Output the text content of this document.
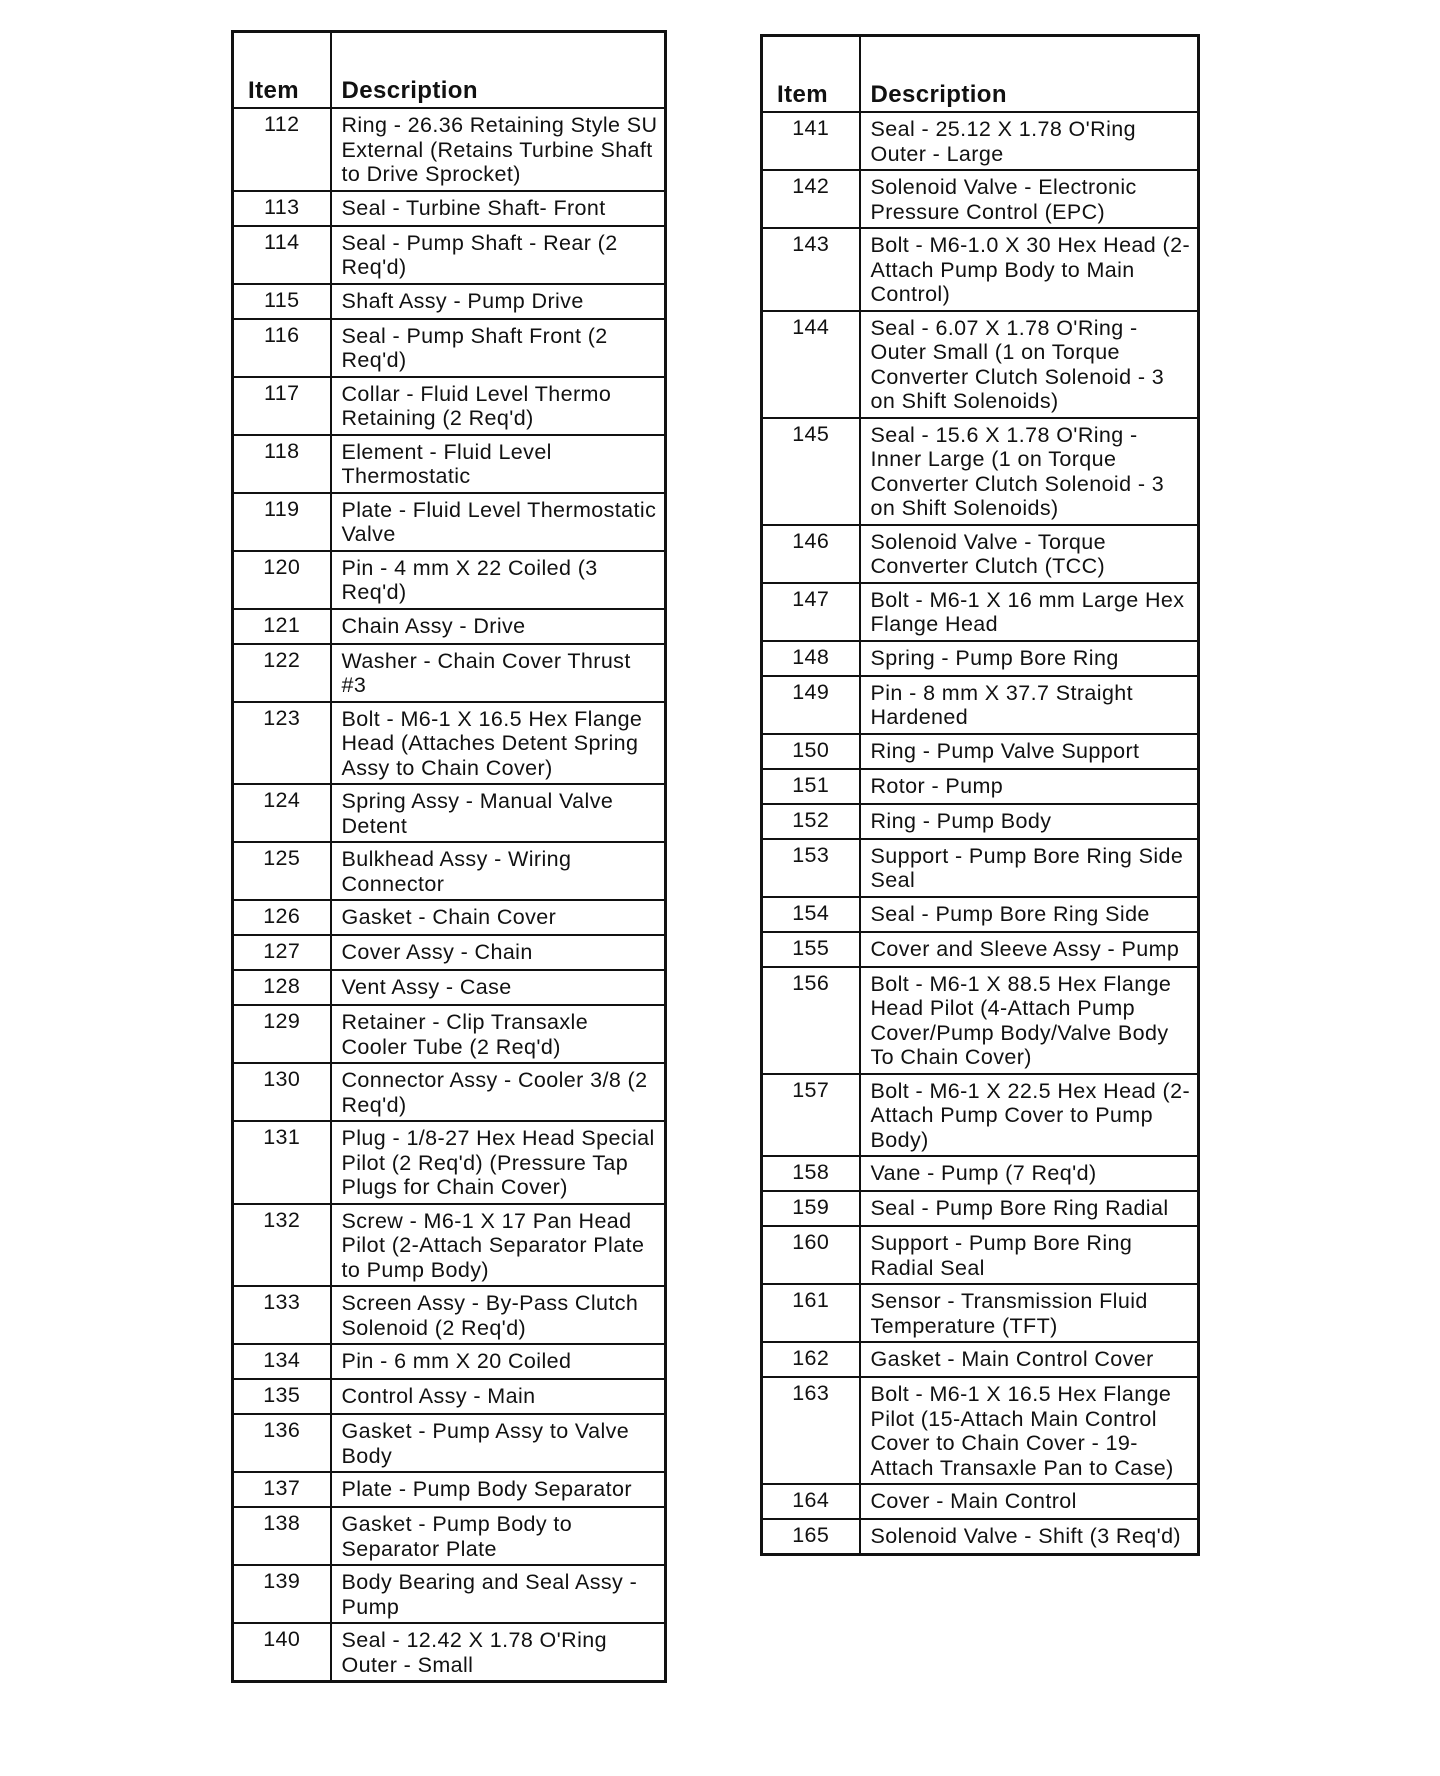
Item	Description
112	Ring - 26.36 Retaining Style SU External (Retains Turbine Shaft to Drive Sprocket)
113	Seal - Turbine Shaft- Front
114	Seal - Pump Shaft - Rear (2 Req'd)
115	Shaft Assy - Pump Drive
116	Seal - Pump Shaft Front (2 Req'd)
117	Collar - Fluid Level Thermo Retaining (2 Req'd)
118	Element - Fluid Level Thermostatic
119	Plate - Fluid Level Thermostatic Valve
120	Pin - 4 mm X 22 Coiled (3 Req'd)
121	Chain Assy - Drive
122	Washer - Chain Cover Thrust #3
123	Bolt - M6-1 X 16.5 Hex Flange Head (Attaches Detent Spring Assy to Chain Cover)
124	Spring Assy - Manual Valve Detent
125	Bulkhead Assy - Wiring Connector
126	Gasket - Chain Cover
127	Cover Assy - Chain
128	Vent Assy - Case
129	Retainer - Clip Transaxle Cooler Tube (2 Req'd)
130	Connector Assy - Cooler 3/8 (2 Req'd)
131	Plug - 1/8-27 Hex Head Special Pilot (2 Req'd) (Pressure Tap Plugs for Chain Cover)
132	Screw - M6-1 X 17 Pan Head Pilot (2-Attach Separator Plate to Pump Body)
133	Screen Assy - By-Pass Clutch Solenoid (2 Req'd)
134	Pin - 6 mm X 20 Coiled
135	Control Assy - Main
136	Gasket - Pump Assy to Valve Body
137	Plate - Pump Body Separator
138	Gasket - Pump Body to Separator Plate
139	Body Bearing and Seal Assy - Pump
140	Seal - 12.42 X 1.78 O'Ring Outer - Small
Item	Description
141	Seal - 25.12 X 1.78 O'Ring Outer - Large
142	Solenoid Valve - Electronic Pressure Control (EPC)
143	Bolt - M6-1.0 X 30 Hex Head (2-Attach Pump Body to Main Control)
144	Seal - 6.07 X 1.78 O'Ring - Outer Small (1 on Torque Converter Clutch Solenoid - 3 on Shift Solenoids)
145	Seal - 15.6 X 1.78 O'Ring - Inner Large (1 on Torque Converter Clutch Solenoid - 3 on Shift Solenoids)
146	Solenoid Valve - Torque Converter Clutch (TCC)
147	Bolt - M6-1 X 16 mm Large Hex Flange Head
148	Spring - Pump Bore Ring
149	Pin - 8 mm X 37.7 Straight Hardened
150	Ring - Pump Valve Support
151	Rotor - Pump
152	Ring - Pump Body
153	Support - Pump Bore Ring Side Seal
154	Seal - Pump Bore Ring Side
155	Cover and Sleeve Assy - Pump
156	Bolt - M6-1 X 88.5 Hex Flange Head Pilot (4-Attach Pump Cover/Pump Body/Valve Body To Chain Cover)
157	Bolt - M6-1 X 22.5 Hex Head (2-Attach Pump Cover to Pump Body)
158	Vane - Pump (7 Req'd)
159	Seal - Pump Bore Ring Radial
160	Support - Pump Bore Ring Radial Seal
161	Sensor - Transmission Fluid Temperature (TFT)
162	Gasket - Main Control Cover
163	Bolt - M6-1 X 16.5 Hex Flange Pilot (15-Attach Main Control Cover to Chain Cover - 19-Attach Transaxle Pan to Case)
164	Cover - Main Control
165	Solenoid Valve - Shift (3 Req'd)
